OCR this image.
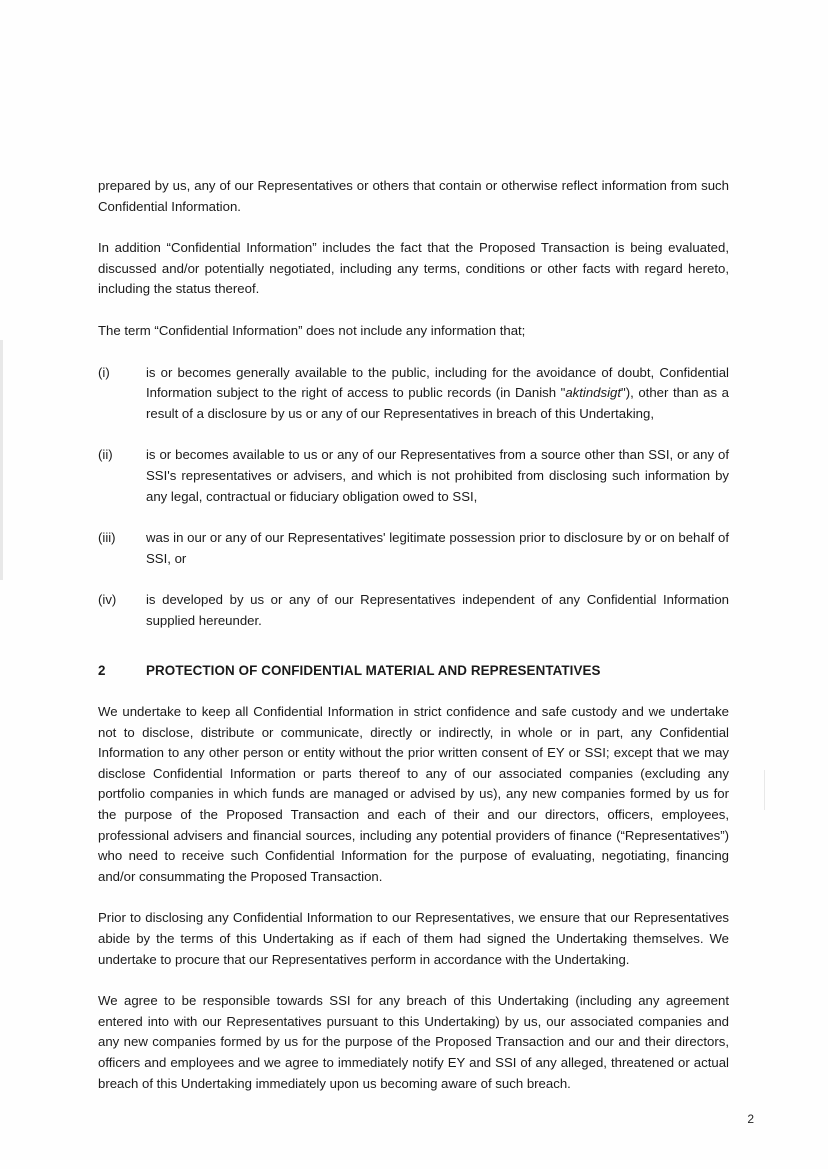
prepared by us, any of our Representatives or others that contain or otherwise reflect information from such Confidential Information.

In addition “Confidential Information” includes the fact that the Proposed Transaction is being evaluated, discussed and/or potentially negotiated, including any terms, conditions or other facts with regard hereto, including the status thereof.

The term “Confidential Information” does not include any information that;

(i)	is or becomes generally available to the public, including for the avoidance of doubt, Confidential Information subject to the right of access to public records (in Danish "aktindsigt"), other than as a result of a disclosure by us or any of our Representatives in breach of this Undertaking,
(ii)	is or becomes available to us or any of our Representatives from a source other than SSI, or any of SSI's representatives or advisers, and which is not prohibited from disclosing such information by any legal, contractual or fiduciary obligation owed to SSI,
(iii)	was in our or any of our Representatives' legitimate possession prior to disclosure by or on behalf of SSI, or
(iv)	is developed by us or any of our Representatives independent of any Confidential Information supplied hereunder.
2	PROTECTION OF CONFIDENTIAL MATERIAL AND REPRESENTATIVES

We undertake to keep all Confidential Information in strict confidence and safe custody and we undertake not to disclose, distribute or communicate, directly or indirectly, in whole or in part, any Confidential Information to any other person or entity without the prior written consent of EY or SSI; except that we may disclose Confidential Information or parts thereof to any of our associated companies (excluding any portfolio companies in which funds are managed or advised by us), any new companies formed by us for the purpose of the Proposed Transaction and each of their and our directors, officers, employees, professional advisers and financial sources, including any potential providers of finance (“Representatives”) who need to receive such Confidential Information for the purpose of evaluating, negotiating, financing and/or consummating the Proposed Transaction.

Prior to disclosing any Confidential Information to our Representatives, we ensure that our Representatives abide by the terms of this Undertaking as if each of them had signed the Undertaking themselves. We undertake to procure that our Representatives perform in accordance with the Undertaking.

We agree to be responsible towards SSI for any breach of this Undertaking (including any agreement entered into with our Representatives pursuant to this Undertaking) by us, our associated companies and any new companies formed by us for the purpose of the Proposed Transaction and our and their directors, officers and employees and we agree to immediately notify EY and SSI of any alleged, threatened or actual breach of this Undertaking immediately upon us becoming aware of such breach.

2
